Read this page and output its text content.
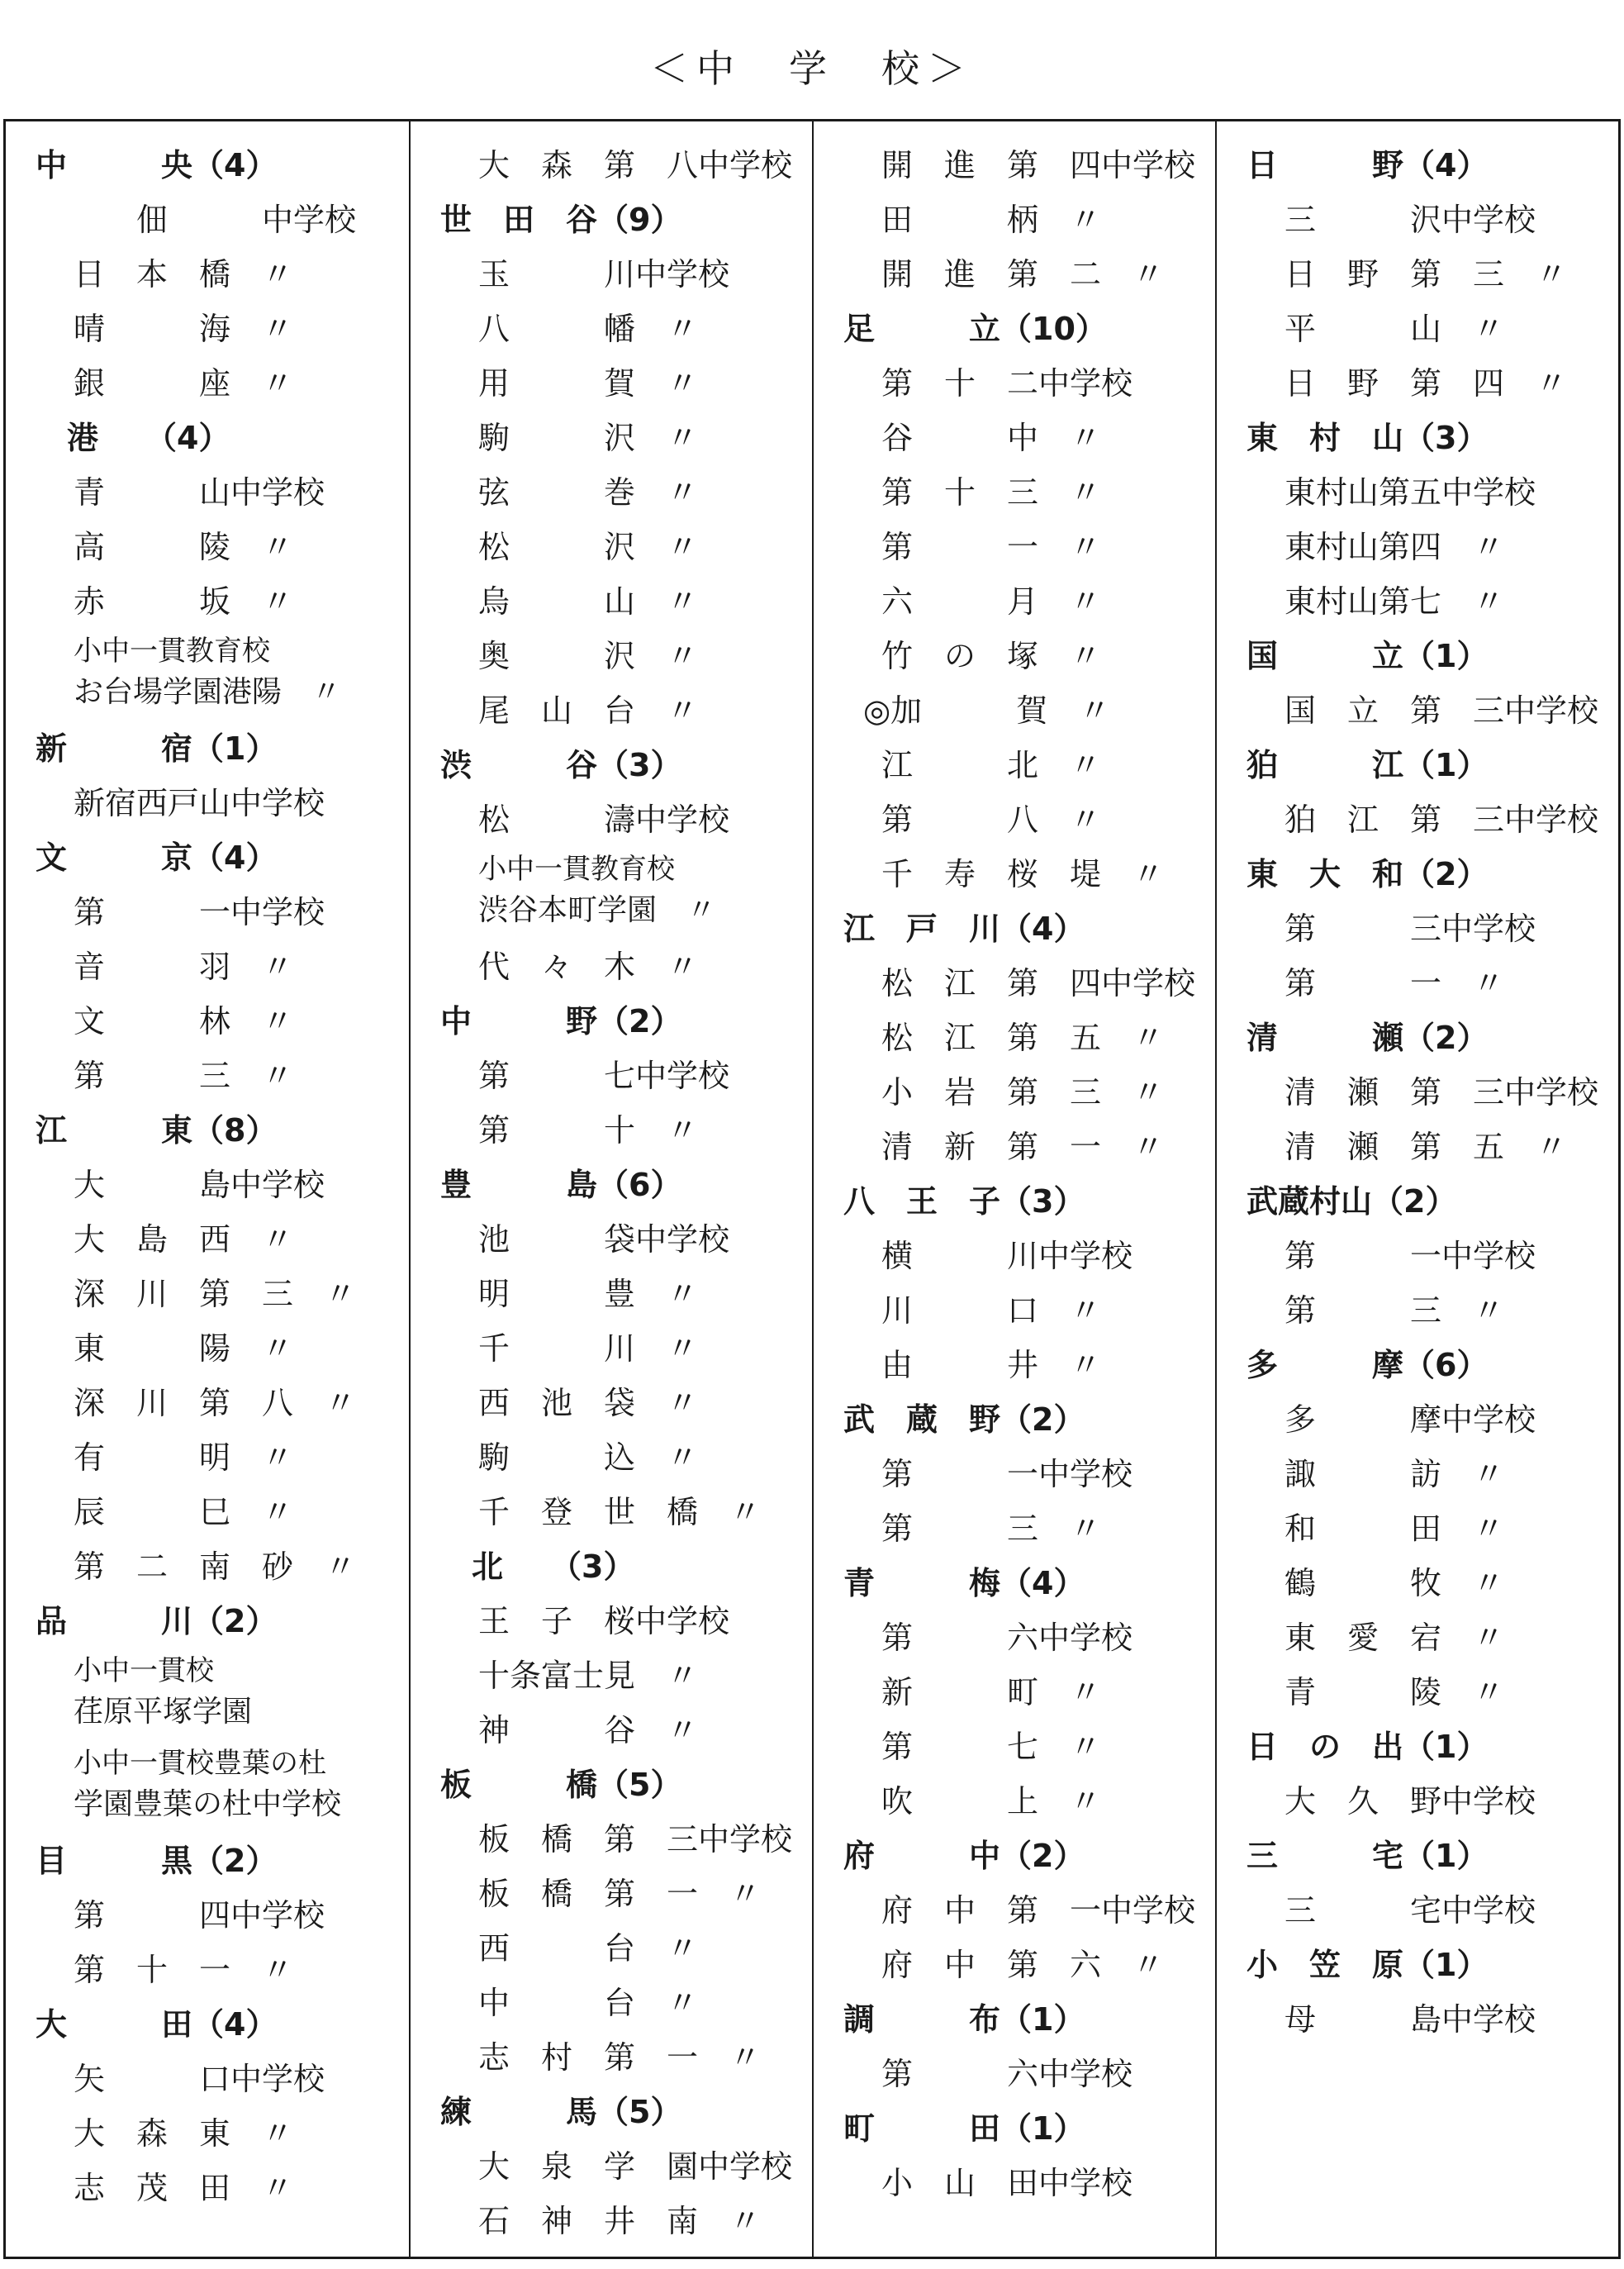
＜中　学　校＞
中　　　央（4）
　　佃　　　中学校
日　本　橋　〃
晴　　　海　〃
銀　　　座　〃
　港　　（4）
青　　　山中学校
高　　　陵　〃
赤　　　坂　〃
小中一貫教育校
お台場学園港陽　〃
新　　　宿（1）
新宿西戸山中学校
文　　　京（4）
第　　　一中学校
音　　　羽　〃
文　　　林　〃
第　　　三　〃
江　　　東（8）
大　　　島中学校
大　島　西　〃
深　川　第　三　〃
東　　　陽　〃
深　川　第　八　〃
有　　　明　〃
辰　　　巳　〃
第　二　南　砂　〃
品　　　川（2）
小中一貫校
荏原平塚学園
小中一貫校豊葉の杜
学園豊葉の杜中学校
目　　　黒（2）
第　　　四中学校
第　十　一　〃
大　　　田（4）
矢　　　口中学校
大　森　東　〃
志　茂　田　〃
大　森　第　八中学校
世　田　谷（9）
玉　　　川中学校
八　　　幡　〃
用　　　賀　〃
駒　　　沢　〃
弦　　　巻　〃
松　　　沢　〃
烏　　　山　〃
奥　　　沢　〃
尾　山　台　〃
渋　　　谷（3）
松　　　濤中学校
小中一貫教育校
渋谷本町学園　〃
代　々　木　〃
中　　　野（2）
第　　　七中学校
第　　　十　〃
豊　　　島（6）
池　　　袋中学校
明　　　豊　〃
千　　　川　〃
西　池　袋　〃
駒　　　込　〃
千　登　世　橋　〃
　北　　（3）
王　子　桜中学校
十条富士見　〃
神　　　谷　〃
板　　　橋（5）
板　橋　第　三中学校
板　橋　第　一　〃
西　　　台　〃
中　　　台　〃
志　村　第　一　〃
練　　　馬（5）
大　泉　学　園中学校
石　神　井　南　〃
開　進　第　四中学校
田　　　柄　〃
開　進　第　二　〃
足　　　立（10）
第　十　二中学校
谷　　　中　〃
第　十　三　〃
第　　　一　〃
六　　　月　〃
竹　の　塚　〃
◎加　　　賀　〃
江　　　北　〃
第　　　八　〃
千　寿　桜　堤　〃
江　戸　川（4）
松　江　第　四中学校
松　江　第　五　〃
小　岩　第　三　〃
清　新　第　一　〃
八　王　子（3）
横　　　川中学校
川　　　口　〃
由　　　井　〃
武　蔵　野（2）
第　　　一中学校
第　　　三　〃
青　　　梅（4）
第　　　六中学校
新　　　町　〃
第　　　七　〃
吹　　　上　〃
府　　　中（2）
府　中　第　一中学校
府　中　第　六　〃
調　　　布（1）
第　　　六中学校
町　　　田（1）
小　山　田中学校
日　　　野（4）
三　　　沢中学校
日　野　第　三　〃
平　　　山　〃
日　野　第　四　〃
東　村　山（3）
東村山第五中学校
東村山第四　〃
東村山第七　〃
国　　　立（1）
国　立　第　三中学校
狛　　　江（1）
狛　江　第　三中学校
東　大　和（2）
第　　　三中学校
第　　　一　〃
清　　　瀬（2）
清　瀬　第　三中学校
清　瀬　第　五　〃
武蔵村山（2）
第　　　一中学校
第　　　三　〃
多　　　摩（6）
多　　　摩中学校
諏　　　訪　〃
和　　　田　〃
鶴　　　牧　〃
東　愛　宕　〃
青　　　陵　〃
日　の　出（1）
大　久　野中学校
三　　　宅（1）
三　　　宅中学校
小　笠　原（1）
母　　　島中学校
